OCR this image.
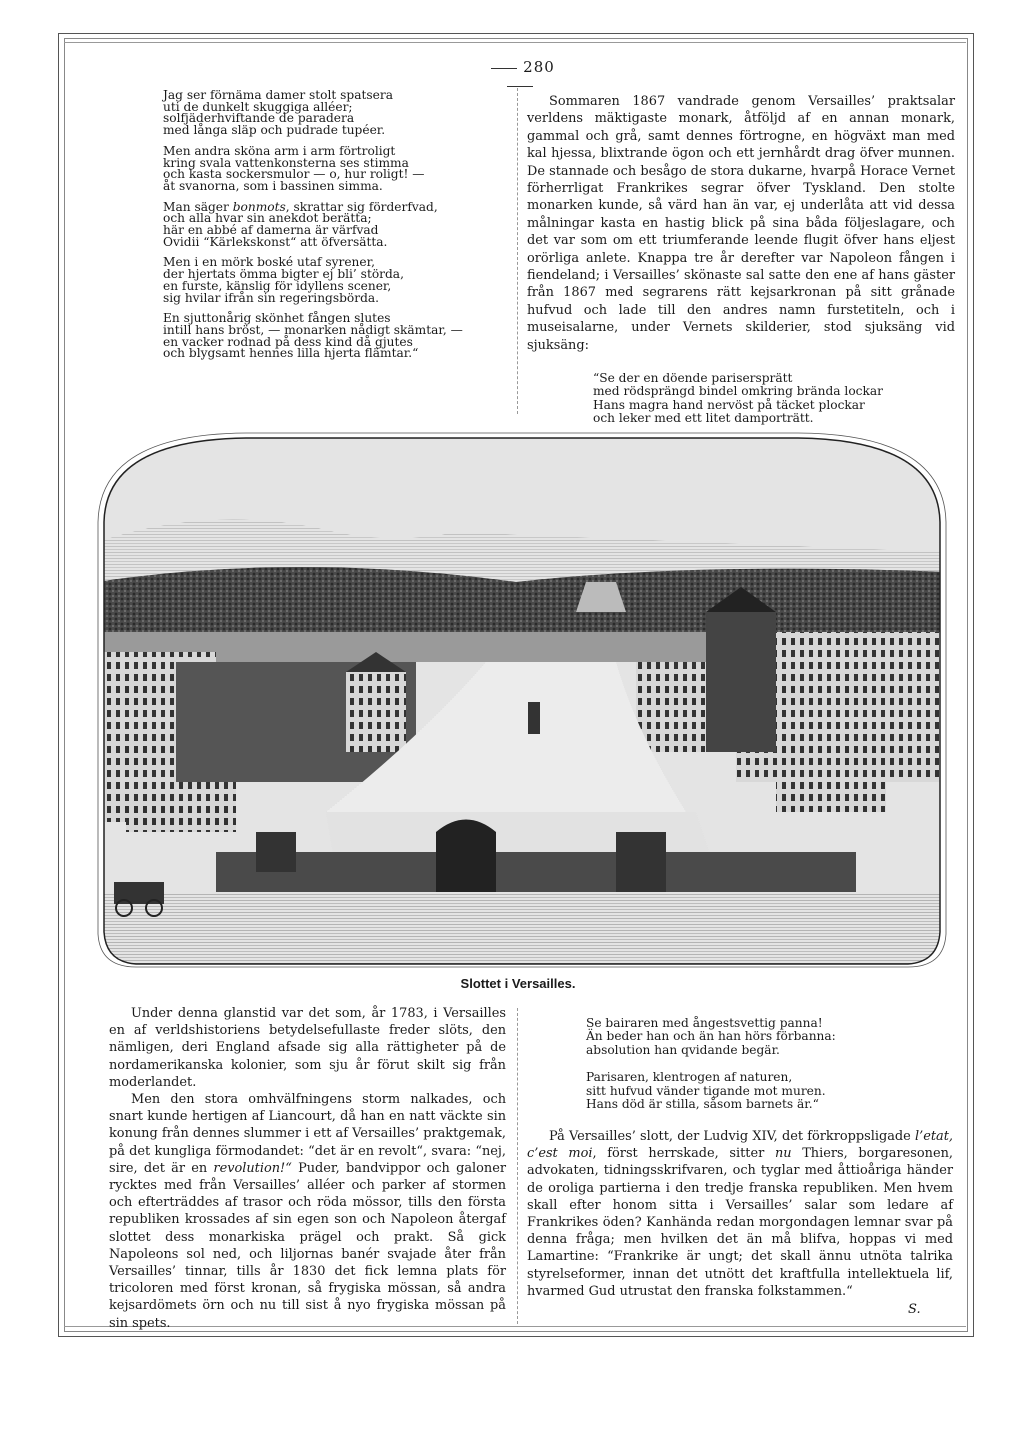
280
Jag ser förnäma damer stolt spatsera
uti de dunkelt skuggiga alléer;
solfjäderhviftande de paradera
med långa släp och pudrade tupéer.
Men andra sköna arm i arm förtroligt
kring svala vattenkonsterna ses stimma
och kasta sockersmulor — o, hur roligt! —
åt svanorna, som i bassinen simma.
Man säger bonmots, skrattar sig förderfvad,
och alla hvar sin anekdot berätta;
här en abbé af damerna är värfvad
Ovidii “Kärlekskonst“ att öfversätta.
Men i en mörk boské utaf syrener,
der hjertats ömma bigter ej bli’ störda,
en furste, känslig för idyllens scener,
sig hvilar ifrån sin regeringsbörda.
En sjuttonårig skönhet fången slutes
intill hans bröst, — monarken nådigt skämtar, —
en vacker rodnad på dess kind då gjutes
och blygsamt hennes lilla hjerta flämtar.“

Sommaren 1867 vandrade genom Versailles’ praktsalar verldens mäktigaste monark, åtföljd af en annan monark, gammal och grå, samt dennes förtrogne, en högväxt man med kal hjessa, blixtrande ögon och ett jernhårdt drag öfver munnen. De stannade och besågo de stora dukarne, hvarpå Horace Vernet förherrligat Frankrikes segrar öfver Tyskland. Den stolte monarken kunde, så värd han än var, ej underlåta att vid dessa målningar kasta en hastig blick på sina båda följeslagare, och det var som om ett triumferande leende flugit öfver hans eljest orörliga anlete. Knappa tre år derefter var Napoleon fången i fiendeland; i Versailles’ skönaste sal satte den ene af hans gäster från 1867 med segrarens rätt kejsarkronan på sitt grånade hufvud och lade till den andres namn furstetiteln, och i museisalarne, under Vernets skilderier, stod sjuksäng vid sjuksäng:

“Se der en döende parisersprätt
med rödsprängd bindel omkring brända lockar
Hans magra hand nervöst på täcket plockar
och leker med ett litet damporträtt.
Slottet i Versailles.

Under denna glanstid var det som, år 1783, i Versailles en af verldshistoriens betydelsefullaste freder slöts, den nämligen, deri England afsade sig alla rättigheter på de nordamerikanska kolonier, som sju år förut skilt sig från moderlandet.

Men den stora omhvälfningens storm nalkades, och snart kunde hertigen af Liancourt, då han en natt väckte sin konung från dennes slummer i ett af Versailles’ praktgemak, på det kungliga förmodandet: “det är en revolt“, svara: “nej, sire, det är en revolution!“ Puder, bandvippor och galoner rycktes med från Versailles’ alléer och parker af stormen och efterträddes af trasor och röda mössor, tills den första republiken krossades af sin egen son och Napoleon återgaf slottet dess monarkiska prägel och prakt. Så gick Napoleons sol ned, och liljornas banér svajade åter från Versailles’ tinnar, tills år 1830 det fick lemna plats för tricoloren med först kronan, så frygiska mössan, så andra kejsardömets örn och nu till sist å nyo frygiska mössan på sin spets.

Se bairaren med ångestsvettig panna!
Än beder han och än han hörs förbanna:
absolution han qvidande begär.
Parisaren, klentrogen af naturen,
sitt hufvud vänder tigande mot muren.
Hans död är stilla, såsom barnets är.“

På Versailles’ slott, der Ludvig XIV, det förkroppsligade l’etat, c’est moi, först herrskade, sitter nu Thiers, borgaresonen, advokaten, tidningsskrifvaren, och tyglar med åttioåriga händer de oroliga partierna i den tredje franska republiken. Men hvem skall efter honom sitta i Versailles’ salar som ledare af Frankrikes öden? Kanhända redan morgondagen lemnar svar på denna fråga; men hvilken det än må blifva, hoppas vi med Lamartine: “Frankrike är ungt; det skall ännu utnöta talrika styrelseformer, innan det utnött det kraftfulla intellektuela lif, hvarmed Gud utrustat den franska folkstammen.“

S.
